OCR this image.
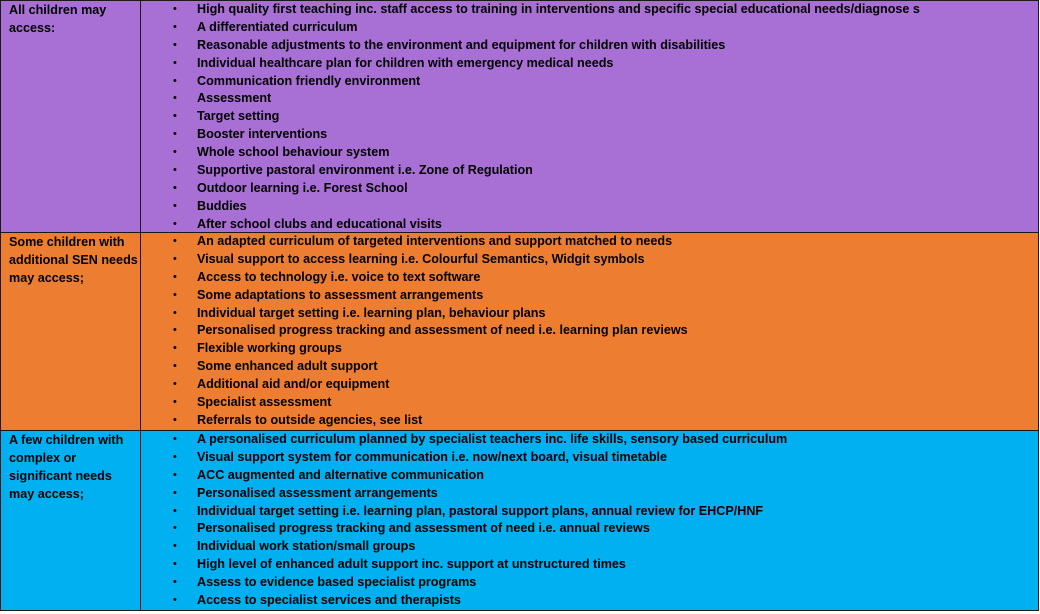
All children may access:
• High quality first teaching inc. staff access to training in interventions and specific special educational needs/diagnose s
• A differentiated curriculum
• Reasonable adjustments to the environment and equipment for children with disabilities
• Individual healthcare plan for children with emergency medical needs
• Communication friendly environment
• Assessment
• Target setting
• Booster interventions
• Whole school behaviour system
• Supportive pastoral environment i.e. Zone of Regulation
• Outdoor learning i.e. Forest School
• Buddies
• After school clubs and educational visits
Some children with additional SEN needs may access;
• An adapted curriculum of targeted interventions and support matched to needs
• Visual support to access learning i.e. Colourful Semantics, Widgit symbols
• Access to technology i.e. voice to text software
• Some adaptations to assessment arrangements
• Individual target setting i.e. learning plan, behaviour plans
• Personalised progress tracking and assessment of need i.e. learning plan reviews
• Flexible working groups
• Some enhanced adult support
• Additional aid and/or equipment
• Specialist assessment
• Referrals to outside agencies, see list
A few children with complex or significant needs may access;
• A personalised curriculum planned by specialist teachers inc. life skills, sensory based curriculum
• Visual support system for communication i.e. now/next board, visual timetable
• ACC augmented and alternative communication
• Personalised assessment arrangements
• Individual target setting i.e. learning plan, pastoral support plans, annual review for EHCP/HNF
• Personalised progress tracking and assessment of need i.e. annual reviews
• Individual work station/small groups
• High level of enhanced adult support inc. support at unstructured times
• Assess to evidence based specialist programs
• Access to specialist services and therapists
